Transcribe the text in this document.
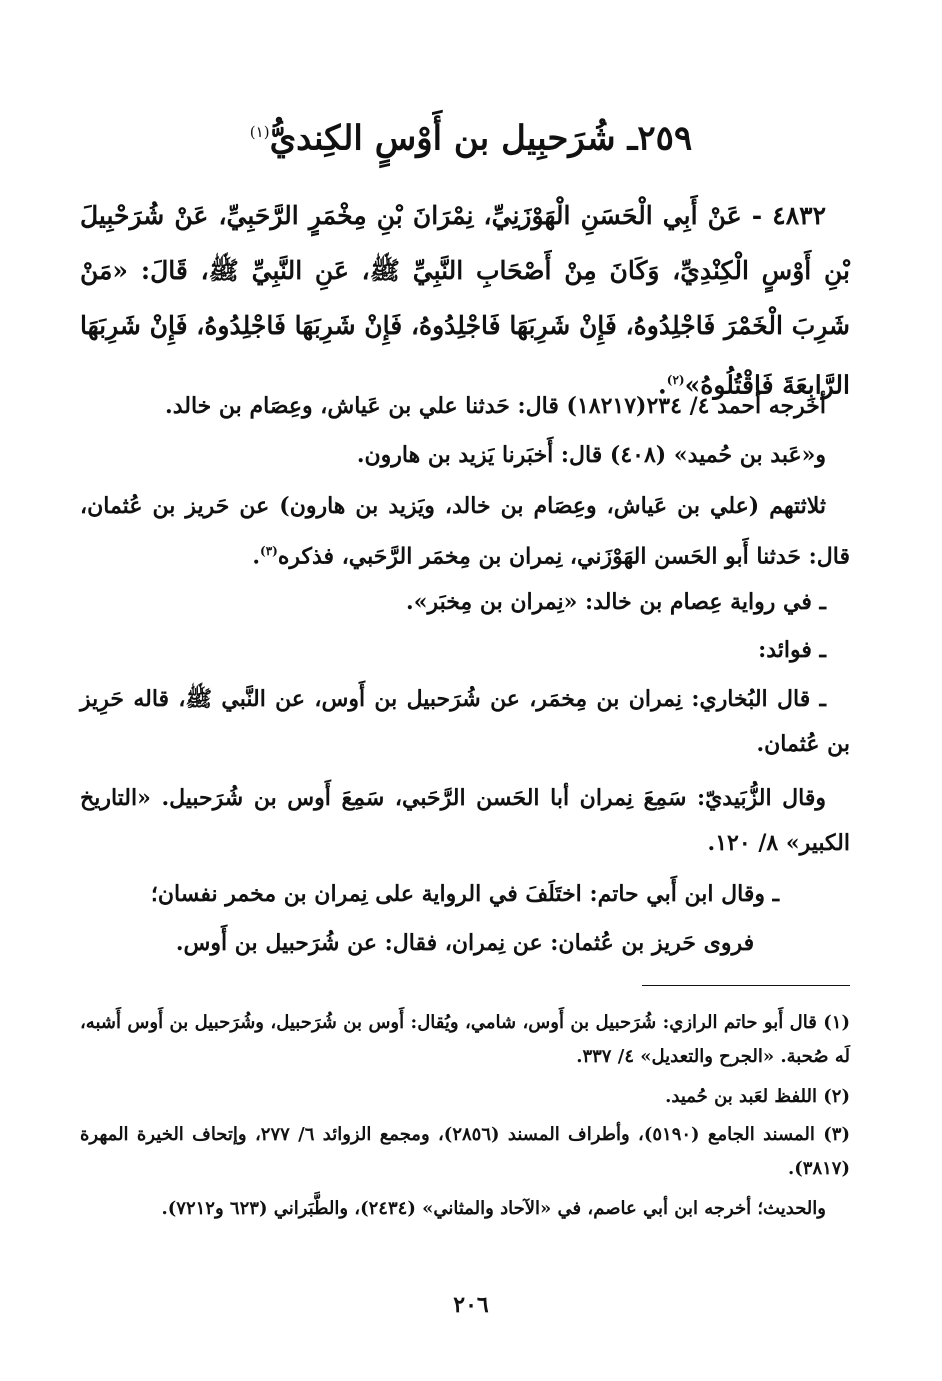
٢٥٩ـ شُرَحبِيل بن أَوْسٍ الكِنديُّ$^{(١)}$

٤٨٣٢ - عَنْ أَبِي الْحَسَنِ الْهَوْزَنِيِّ، نِمْرَانَ بْنِ مِخْمَرٍ الرَّحَبِيِّ، عَنْ شُرَحْبِيلَ بْنِ أَوْسٍ الْكِنْدِيِّ، وَكَانَ مِنْ أَصْحَابِ النَّبِيِّ ﷺ، عَنِ النَّبِيِّ ﷺ، قَالَ: «مَنْ شَرِبَ الْخَمْرَ فَاجْلِدُوهُ، فَإِنْ شَرِبَهَا فَاجْلِدُوهُ، فَإِنْ شَرِبَهَا فَاجْلِدُوهُ، فَإِنْ شَرِبَهَا الرَّابِعَةَ فَاقْتُلُوهُ»$^{(٢)}$.

أخرجه أحمد ٤/ ٢٣٤(١٨٢١٧) قال: حَدثنا علي بن عَياش، وعِصَام بن خالد.

و«عَبد بن حُميد» (٤٠٨) قال: أَخبَرنا يَزيد بن هارون.

ثلاثتهم (علي بن عَياش، وعِصَام بن خالد، ويَزيد بن هارون) عن حَريز بن عُثمان، قال: حَدثنا أَبو الحَسن الهَوْزَني، نِمران بن مِخمَر الرَّحَبي، فذكره$^{(٣)}$.

ـ في رواية عِصام بن خالد: «نِمران بن مِخبَر».

ـ فوائد:

ـ قال البُخاري: نِمران بن مِخمَر، عن شُرَحبيل بن أَوس، عن النَّبي ﷺ، قاله حَرِيز بن عُثمان.

وقال الزُّبَيديّ: سَمِعَ نِمران أبا الحَسن الرَّحَبي، سَمِعَ أَوس بن شُرَحبيل. «التاريخ الكبير» ٨/ ١٢٠.

ـ وقال ابن أَبي حاتم: اختَلَفَ في الرواية على نِمران بن مخمر نفسان؛

فروى حَريز بن عُثمان: عن نِمران، فقال: عن شُرَحبيل بن أَوس.

(١) قال أَبو حاتم الرازي: شُرَحبيل بن أَوس، شامي، ويُقال: أَوس بن شُرَحبيل، وشُرَحبيل بن أَوس أَشبه، لَه صُحبة. «الجرح والتعديل» ٤/ ٣٣٧.

(٢) اللفظ لعَبد بن حُميد.

(٣) المسند الجامع (٥١٩٠)، وأطراف المسند (٢٨٥٦)، ومجمع الزوائد ٦/ ٢٧٧، وإتحاف الخيرة المهرة (٣٨١٧).

والحديث؛ أخرجه ابن أبي عاصم، في «الآحاد والمثاني» (٢٤٣٤)، والطَّبَراني (٦٢٣ و٧٢١٢).

٢٠٦
